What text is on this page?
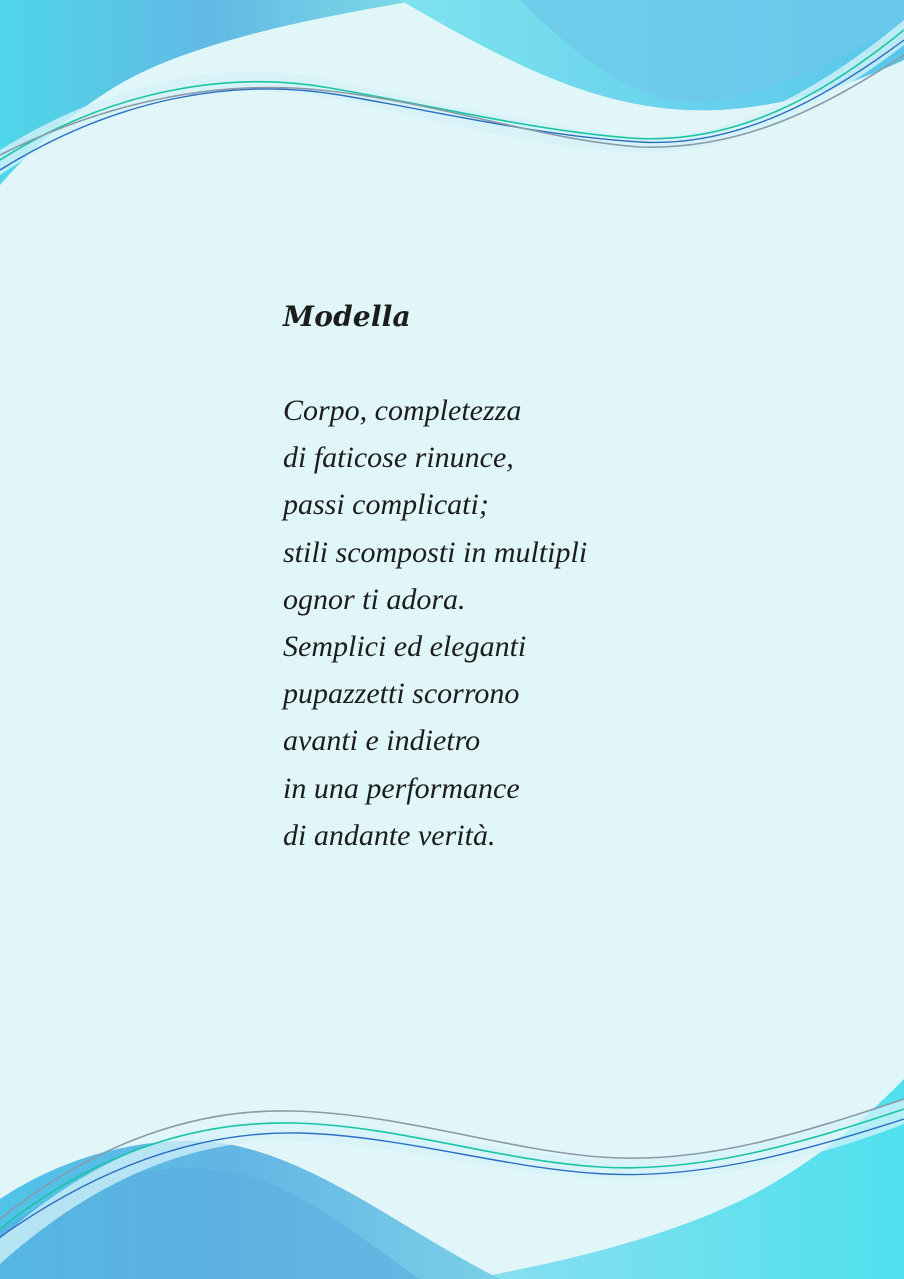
Modella
Corpo, completezza
di faticose rinunce,
passi complicati;
stili scomposti in multipli
ognor ti adora.
Semplici ed eleganti
pupazzetti scorrono
avanti e indietro
in una performance
di andante verità.
